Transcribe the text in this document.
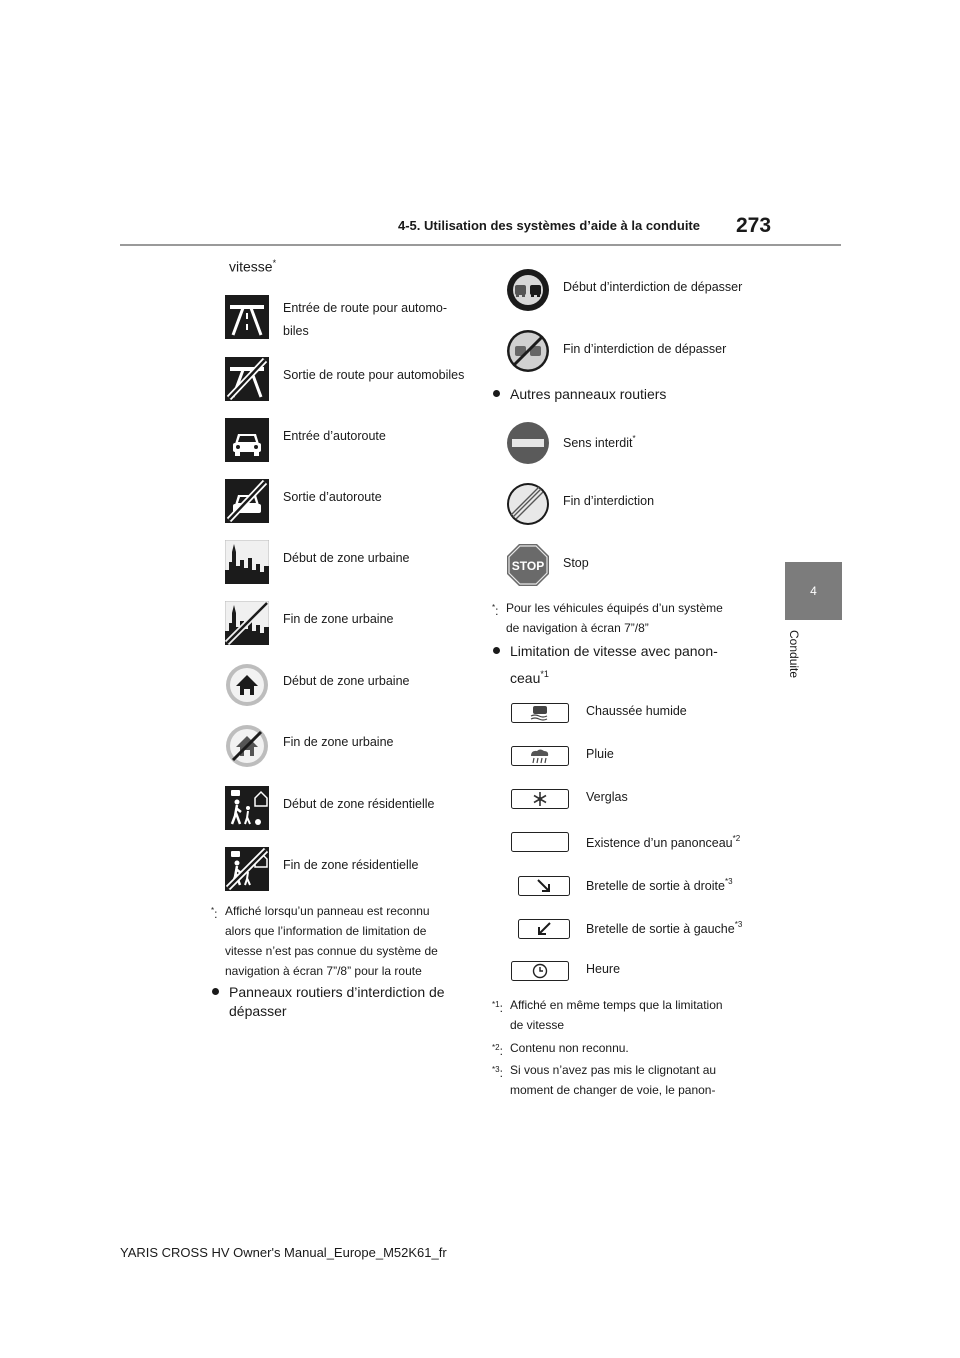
4-5. Utilisation des systèmes d’aide à la conduite 273
4
Conduite
vitesse*
Entrée de route pour automo-
biles
Sortie de route pour automobiles
Entrée d’autoroute
Sortie d’autoroute
Début de zone urbaine
Fin de zone urbaine
Début de zone urbaine
Fin de zone urbaine
Début de zone résidentielle
Fin de zone résidentielle
*: Affiché lorsqu’un panneau est reconnu
alors que l’information de limitation de
vitesse n’est pas connue du système de
navigation à écran 7”/8” pour la route
Panneaux routiers d’interdiction de
dépasser
Début d’interdiction de dépasser
Fin d’interdiction de dépasser
Autres panneaux routiers
Sens interdit*
Fin d’interdiction
STOP Stop
*: Pour les véhicules équipés d’un système
de navigation à écran 7”/8”
Limitation de vitesse avec panon-
ceau$^{*1}$
Chaussée humide
Pluie
Verglas
Existence d’un panonceau$^{*2}$
Bretelle de sortie à droite$^{*3}$
Bretelle de sortie à gauche$^{*3}$
Heure
$^{*1}$: Affiché en même temps que la limitation
de vitesse
$^{*2}$: Contenu non reconnu.
$^{*3}$: Si vous n’avez pas mis le clignotant au
moment de changer de voie, le panon-
YARIS CROSS HV Owner's Manual_Europe_M52K61_fr
